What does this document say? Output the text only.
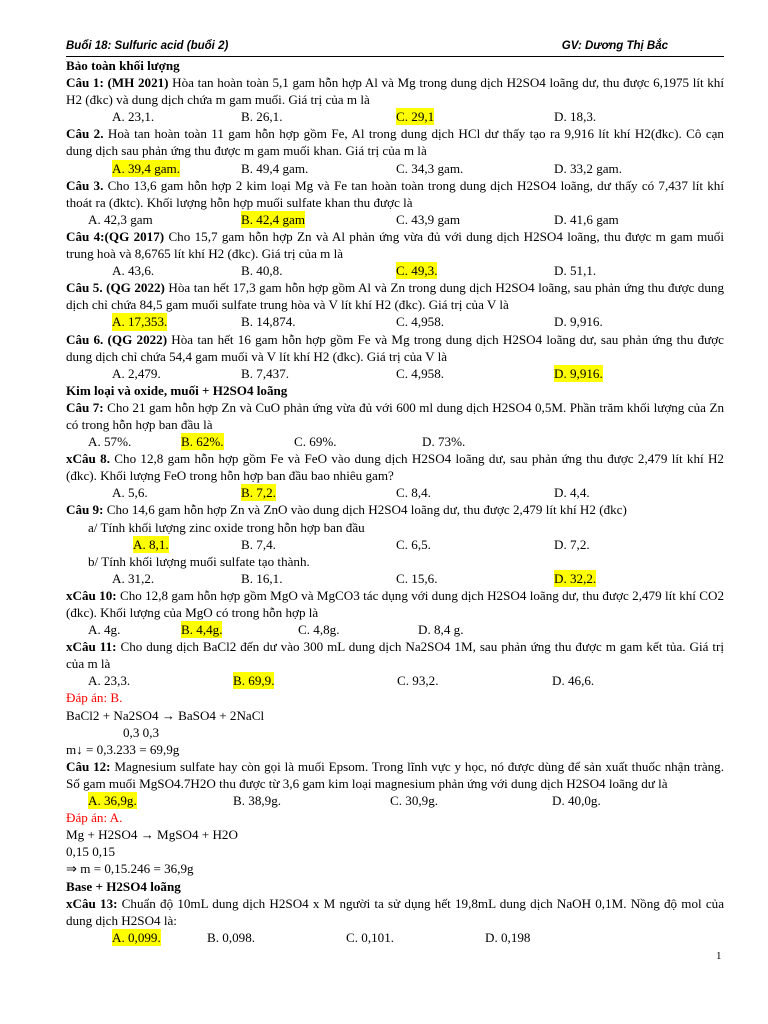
Buổi 18: Sulfuric acid (buổi 2)	GV: Dương Thị Bắc
Bảo toàn khối lượng
Câu 1: (MH 2021) Hòa tan hoàn toàn 5,1 gam hỗn hợp Al và Mg trong dung dịch H2SO4 loãng dư, thu được 6,1975 lít khí H2 (đkc) và dung dịch chứa m gam muối. Giá trị của m là
A. 23,1.	B. 26,1.	C. 29,1	D. 18,3.
Câu 2. Hoà tan hoàn toàn 11 gam hỗn hợp gồm Fe, Al trong dung dịch HCl dư thấy tạo ra 9,916 lít khí H2(đkc). Cô cạn dung dịch sau phản ứng thu được m gam muối khan. Giá trị của m là
A. 39,4 gam.	B. 49,4 gam.	C. 34,3 gam.	D. 33,2 gam.
Câu 3. Cho 13,6 gam hỗn hợp 2 kim loại Mg và Fe tan hoàn toàn trong dung dịch H2SO4 loãng, dư thấy có 7,437 lít khí thoát ra (đktc). Khối lượng hỗn hợp muối sulfate khan thu được là
A. 42,3 gam	B. 42,4 gam	C. 43,9 gam	D. 41,6 gam
Câu 4:(QG 2017) Cho 15,7 gam hỗn hợp Zn và Al phản ứng vừa đủ với dung dịch H2SO4 loãng, thu được m gam muối trung hoà và 8,6765 lít khí H2 (đkc). Giá trị của m là
A. 43,6.	B. 40,8.	C. 49,3.	D. 51,1.
Câu 5. (QG 2022) Hòa tan hết 17,3 gam hỗn hợp gồm Al và Zn trong dung dịch H2SO4 loãng, sau phản ứng thu được dung dịch chỉ chứa 84,5 gam muối sulfate trung hòa và V lít khí H2 (đkc). Giá trị của V là
A. 17,353.	B. 14,874.	C. 4,958.	D. 9,916.
Câu 6. (QG 2022) Hòa tan hết 16 gam hỗn hợp gồm Fe và Mg trong dung dịch H2SO4 loãng dư, sau phản ứng thu được dung dịch chỉ chứa 54,4 gam muối và V lít khí H2 (đkc). Giá trị của V là
A. 2,479.	B. 7,437.	C. 4,958.	D. 9,916.
Kim loại và oxide, muối + H2SO4 loãng
Câu 7: Cho 21 gam hỗn hợp Zn và CuO phản ứng vừa đủ với 600 ml dung dịch H2SO4 0,5M. Phần trăm khối lượng của Zn có trong hỗn hợp ban đầu là
A. 57%.	B. 62%.	C. 69%.	D. 73%.
xCâu 8. Cho 12,8 gam hỗn hợp gồm Fe và FeO vào dung dịch H2SO4 loãng dư, sau phản ứng thu được 2,479 lít khí H2 (đkc). Khối lượng FeO trong hỗn hợp ban đầu bao nhiêu gam?
A. 5,6.	B. 7,2.	C. 8,4.	D. 4,4.
Câu 9: Cho 14,6 gam hỗn hợp Zn và ZnO vào dung dịch H2SO4 loãng dư, thu được 2,479 lít khí H2 (đkc)
a/ Tính khối lượng zinc oxide trong hỗn hợp ban đầu
A. 8,1.	B. 7,4.	C. 6,5.	D. 7,2.
b/ Tính khối lượng muối sulfate tạo thành.
A. 31,2.	B. 16,1.	C. 15,6.	D. 32,2.
xCâu 10: Cho 12,8 gam hỗn hợp gồm MgO và MgCO3 tác dụng với dung dịch H2SO4 loãng dư, thu được 2,479 lít khí CO2 (đkc). Khối lượng của MgO có trong hỗn hợp là
A. 4g.	B. 4,4g.	C. 4,8g.	D. 8,4 g.
xCâu 11: Cho dung dịch BaCl2 đến dư vào 300 mL dung dịch Na2SO4 1M, sau phản ứng thu được m gam kết tủa. Giá trị của m là
A. 23,3.	B. 69,9.	C. 93,2.	D. 46,6.
Đáp án: B.
BaCl2 + Na2SO4 → BaSO4 + 2NaCl
0,3 0,3
m↓ = 0,3.233 = 69,9g
Câu 12: Magnesium sulfate hay còn gọi là muối Epsom. Trong lĩnh vực y học, nó được dùng để sản xuất thuốc nhận tràng. Số gam muối MgSO4.7H2O thu được từ 3,6 gam kim loại magnesium phản ứng với dung dịch H2SO4 loãng dư là
A. 36,9g.	B. 38,9g.	C. 30,9g.	D. 40,0g.
Đáp án: A.
Mg + H2SO4 → MgSO4 + H2O
0,15 0,15
⇒ m = 0,15.246 = 36,9g
Base + H2SO4 loãng
xCâu 13: Chuẩn độ 10mL dung dịch H2SO4 x M người ta sử dụng hết 19,8mL dung dịch NaOH 0,1M. Nồng độ mol của dung dịch H2SO4 là:
A. 0,099.	B. 0,098.	C. 0,101.	D. 0,198
1
